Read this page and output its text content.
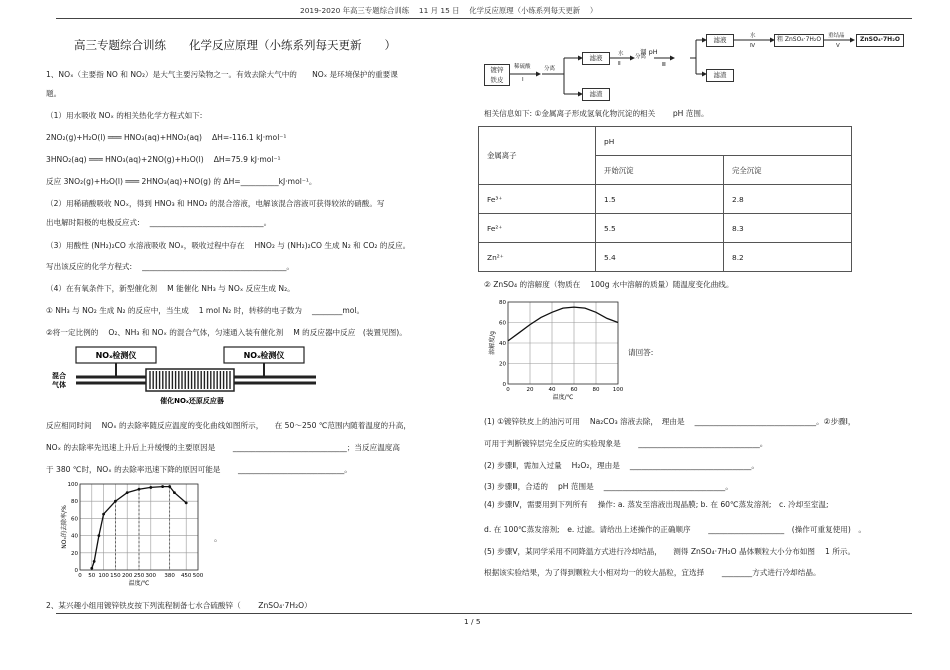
2019-2020 年高三专题综合训练　 11 月 15 日　 化学反应原理（小练系列每天更新　 ）
高三专题综合训练　　化学反应原理（小练系列每天更新　　）
1、NOₓ（主要指 NO 和 NO₂）是大气主要污染物之一。有效去除大气中的　　NOₓ 是环境保护的重要课
题。
（1）用水吸收 NOₓ 的相关热化学方程式如下:
2NO₂(g)+H₂O(l) ═══ HNO₃(aq)+HNO₂(aq)　 ΔH=-116.1 kJ·mol⁻¹
3HNO₂(aq) ═══ HNO₃(aq)+2NO(g)+H₂O(l)　 ΔH=75.9 kJ·mol⁻¹
反应 3NO₂(g)+H₂O(l) ═══ 2HNO₃(aq)+NO(g) 的 ΔH=__________kJ·mol⁻¹。
（2）用稀硝酸吸收 NOₓ，得到 HNO₃ 和 HNO₂ 的混合溶液，电解该混合溶液可获得较浓的硝酸。写
出电解时阳极的电极反应式:　 ______________________________。
（3）用酸性 (NH₂)₂CO 水溶液吸收 NOₓ，吸收过程中存在　 HNO₂ 与 (NH₂)₂CO 生成 N₂ 和 CO₂ 的反应。
写出该反应的化学方程式:　 ______________________________________。
（4）在有氧条件下，新型催化剂　 M 能催化 NH₃ 与 NOₓ 反应生成 N₂。
① NH₃ 与 NO₂ 生成 N₂ 的反应中，当生成　 1 mol N₂ 时，转移的电子数为　 ________mol。
②将一定比例的　 O₂、NH₃ 和 NOₓ 的混合气体，匀速通入装有催化剂　 M 的反应器中反应　(装置见图)。
NOₓ检测仪	NOₓ检测仪
混合
气体
催化NOₓ还原反应器
反应相同时间　 NOₓ 的去除率随反应温度的变化曲线如图所示，　　在 50～250 ℃范围内随着温度的升高，
NOₓ 的去除率先迅速上升后上升缓慢的主要原因是　　 ______________________________；当反应温度高
于 380 ℃时，NOₓ 的去除率迅速下降的原因可能是　　 ____________________________。
0
20
40
60
80
100
0 50 100 150 200 250 300 380 450 500
温度/℃
NOₓ的去除率/%	。
2、某兴趣小组用镀锌铁皮按下列流程制备七水合硫酸锌（　　 ZnSO₄·7H₂O）
镀锌
铁皮
稀硫酸
Ⅰ
分离
滤液
滤渣
水
Ⅱ
分离
调 pH
Ⅲ
滤液
滤渣
水
Ⅳ
粗 ZnSO₄·7H₂O	重结晶
Ⅴ
ZnSO₄·7H₂O
相关信息如下: ①金属离子形成氢氧化物沉淀的相关　　 pH 范围。
金属离子	pH	
	开始沉淀	完全沉淀
Fe³⁺	1.5	2.8
Fe²⁺	5.5	8.3
Zn²⁺	5.4	8.2
② ZnSO₄ 的溶解度（物质在　 100g 水中溶解的质量）随温度变化曲线。
0
20
40
60
80
0	20	40	60	80 100
温度/℃
溶解度/g	请回答:
(1) ①镀锌铁皮上的油污可用　 Na₂CO₃ 溶液去除，　理由是　 ________________________________。②步骤Ⅰ，
可用于判断镀锌层完全反应的实验现象是　　 ________________________________。
(2) 步骤Ⅱ，需加入过量　 H₂O₂，理由是　 ________________________________。
(3) 步骤Ⅲ，合适的　 pH 范围是　 ________________________________。
(4) 步骤Ⅳ，需要用到下列所有　 操作: a. 蒸发至溶液出现晶膜; b. 在 60℃蒸发溶剂;　c. 冷却至室温;
d. 在 100℃蒸发溶剂;　e. 过滤。请给出上述操作的正确顺序　　 ____________________　(操作可重复使用)　。
(5) 步骤Ⅴ，某同学采用不同降温方式进行冷却结晶，　　测得 ZnSO₄·7H₂O 晶体颗粒大小分布如图　 1 所示。
根据该实验结果，为了得到颗粒大小相对均一的较大晶粒，宜选择　　 ________方式进行冷却结晶。
1 / 5
